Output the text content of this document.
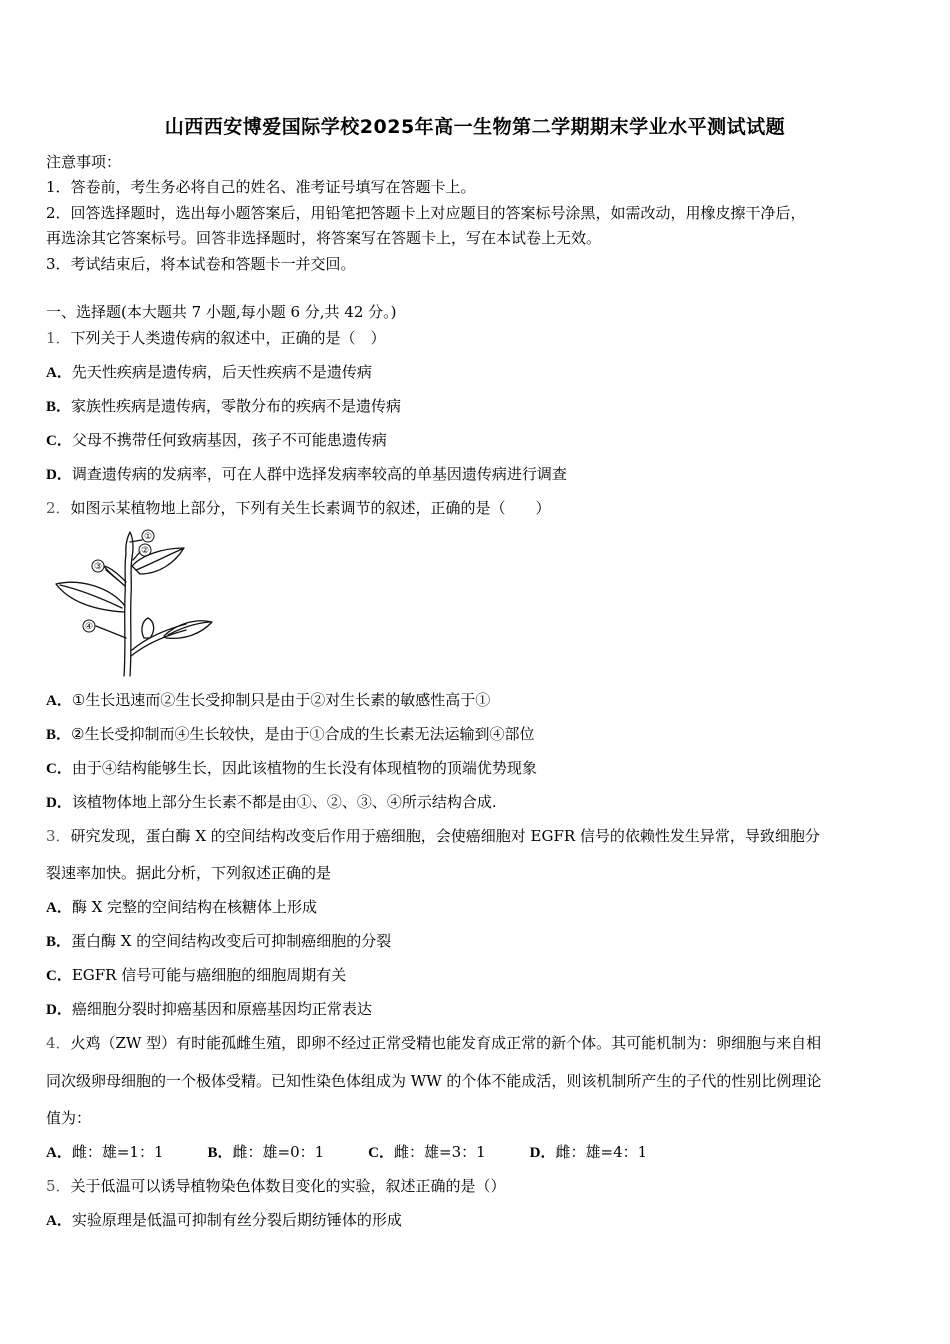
山西西安博爱国际学校2025年高一生物第二学期期末学业水平测试试题
注意事项：
1．答卷前，考生务必将自己的姓名、准考证号填写在答题卡上。
2．回答选择题时，选出每小题答案后，用铅笔把答题卡上对应题目的答案标号涂黑，如需改动，用橡皮擦干净后，
再选涂其它答案标号。回答非选择题时，将答案写在答题卡上，写在本试卷上无效。
3．考试结束后，将本试卷和答题卡一并交回。
一、选择题(本大题共 7 小题,每小题 6 分,共 42 分。)
1．下列关于人类遗传病的叙述中，正确的是（　）
A．先天性疾病是遗传病，后天性疾病不是遗传病
B．家族性疾病是遗传病，零散分布的疾病不是遗传病
C．父母不携带任何致病基因，孩子不可能患遗传病
D．调查遗传病的发病率，可在人群中选择发病率较高的单基因遗传病进行调查
2．如图示某植物地上部分，下列有关生长素调节的叙述，正确的是（　　）
①
②
③
④
A．①生长迅速而②生长受抑制只是由于②对生长素的敏感性高于①
B．②生长受抑制而④生长较快，是由于①合成的生长素无法运输到④部位
C．由于④结构能够生长，因此该植物的生长没有体现植物的顶端优势现象
D．该植物体地上部分生长素不都是由①、②、③、④所示结构合成.
3．研究发现，蛋白酶 X 的空间结构改变后作用于癌细胞，会使癌细胞对 EGFR 信号的依赖性发生异常，导致细胞分
裂速率加快。据此分析，下列叙述正确的是
A．酶 X 完整的空间结构在核糖体上形成
B．蛋白酶 X 的空间结构改变后可抑制癌细胞的分裂
C．EGFR 信号可能与癌细胞的细胞周期有关
D．癌细胞分裂时抑癌基因和原癌基因均正常表达
4．火鸡（ZW 型）有时能孤雌生殖，即卵不经过正常受精也能发育成正常的新个体。其可能机制为：卵细胞与来自相
同次级卵母细胞的一个极体受精。已知性染色体组成为 WW 的个体不能成活，则该机制所产生的子代的性别比例理论
值为：
A．雌：雄=1：1	B．雌：雄=0：1	C．雌：雄=3：1	D．雌：雄=4：1
5．关于低温可以诱导植物染色体数目变化的实验，叙述正确的是（）
A．实验原理是低温可抑制有丝分裂后期纺锤体的形成
